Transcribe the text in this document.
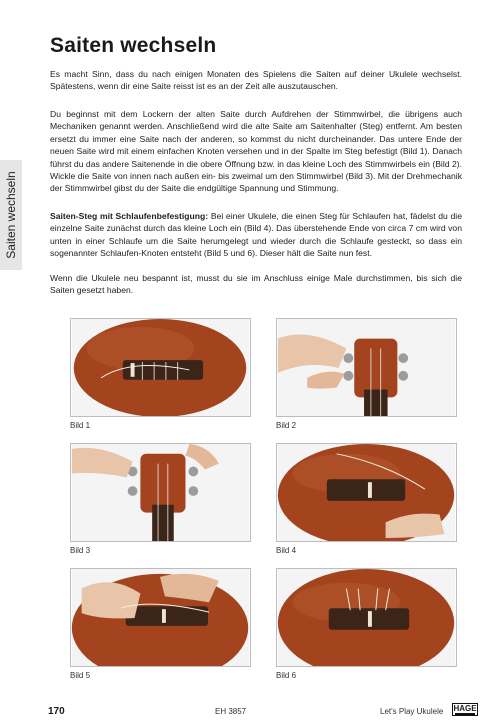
Saiten wechseln
Saiten wechseln

Es macht Sinn, dass du nach einigen Monaten des Spielens die Saiten auf deiner Ukulele wechselst. Spätestens, wenn dir eine Saite reisst ist es an der Zeit alle auszutauschen.

Du beginnst mit dem Lockern der alten Saite durch Aufdrehen der Stimmwirbel, die übrigens auch Mechaniken genannt werden. Anschließend wird die alte Saite am Saitenhalter (Steg) entfernt. Am besten ersetzt du immer eine Saite nach der anderen, so kommst du nicht durcheinander. Das untere Ende der neuen Saite wird mit einem einfachen Knoten versehen und in der Spalte im Steg befestigt (Bild 1). Danach führst du das andere Saitenende in die obere Öffnung bzw. in das kleine Loch des Stimmwirbels ein (Bild 2). Wickle die Saite von innen nach außen ein- bis zweimal um den Stimmwirbel (Bild 3). Mit der Drehmechanik der Stimmwirbel gibst du der Saite die endgültige Spannung und Stimmung.

Saiten-Steg mit Schlaufenbefestigung: Bei einer Ukulele, die einen Steg für Schlaufen hat, fädelst du die einzelne Saite zunächst durch das kleine Loch ein (Bild 4). Das überstehende Ende von circa 7 cm wird von unten in einer Schlaufe um die Saite herumgelegt und wieder durch die Schlaufe gesteckt, so dass ein sogenannter Schlaufen-Knoten entsteht (Bild 5 und 6). Dieser hält die Saite nun fest.

Wenn die Ukulele neu bespannt ist, musst du sie im Anschluss einige Male durchstimmen, bis sich die Saiten gesetzt haben.

Bild 1	Bild 2
Bild 3	Bild 4
Bild 5	Bild 6
170	EH 3857	Let's Play Ukulele HAGE
